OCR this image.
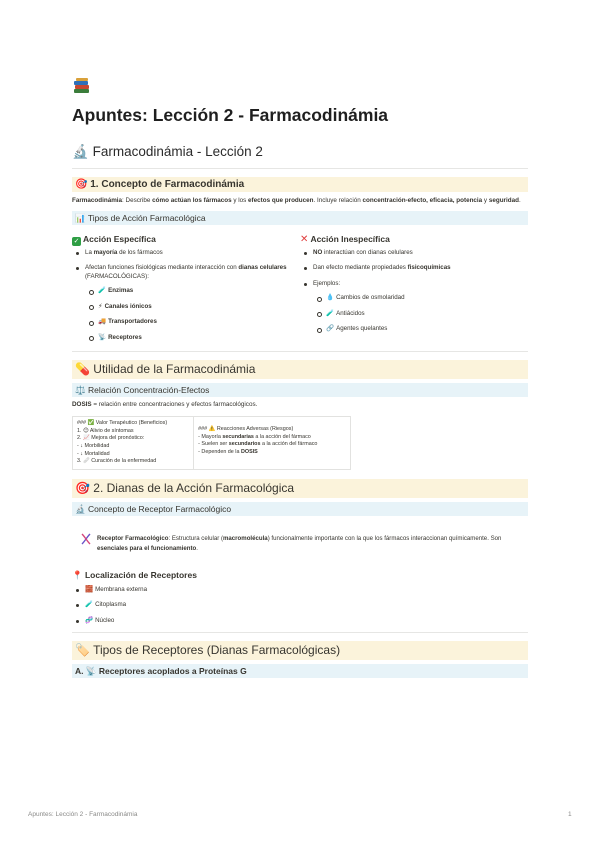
Apuntes: Lección 2 - Farmacodinámia
🔬 Farmacodinámia - Lección 2
🎯 1. Concepto de Farmacodinámia
Farmacodinámia: Describe cómo actúan los fármacos y los efectos que producen. Incluye relación concentración-efecto, eficacia, potencia y seguridad.
📊 Tipos de Acción Farmacológica
✓ Acción Específica
La mayoría de los fármacos
Afectan funciones fisiológicas mediante interacción con dianas celulares (FARMACOLÓGICAS):
🧪 Enzimas
⚡ Canales iónicos
🚚 Transportadores
📡 Receptores
✕ Acción Inespecífica
NO interactúan con dianas celulares
Dan efecto mediante propiedades fisicoquímicas
Ejemplos:
💧 Cambios de osmolaridad
🧪 Antiácidos
🔗 Agentes quelantes
💊 Utilidad de la Farmacodinámia
⚖️ Relación Concentración-Efectos
DOSIS = relación entre concentraciones y efectos farmacológicos.
### ✅ Valor Terapéutico (Beneficios)
1. 😊 Alivio de síntomas
2. 📈 Mejora del pronóstico:
- ↓ Morbilidad
- ↓ Mortalidad
3. 🩹 Curación de la enfermedad
### ⚠️ Reacciones Adversas (Riesgos)
- Mayoría secundarias a la acción del fármaco
- Suelen ser secundarios a la acción del fármaco
- Dependen de la DOSIS
🎯 2. Dianas de la Acción Farmacológica
🔬 Concepto de Receptor Farmacológico
Receptor Farmacológico: Estructura celular (macromolécula) funcionalmente importante con la que los fármacos interaccionan químicamente. Son esenciales para el funcionamiento.
📍 Localización de Receptores
🧱 Membrana externa
🧪 Citoplasma
🧬 Núcleo
🏷️ Tipos de Receptores (Dianas Farmacológicas)
A. 📡 Receptores acoplados a Proteínas G
Apuntes: Lección 2 - Farmacodinámia	1
